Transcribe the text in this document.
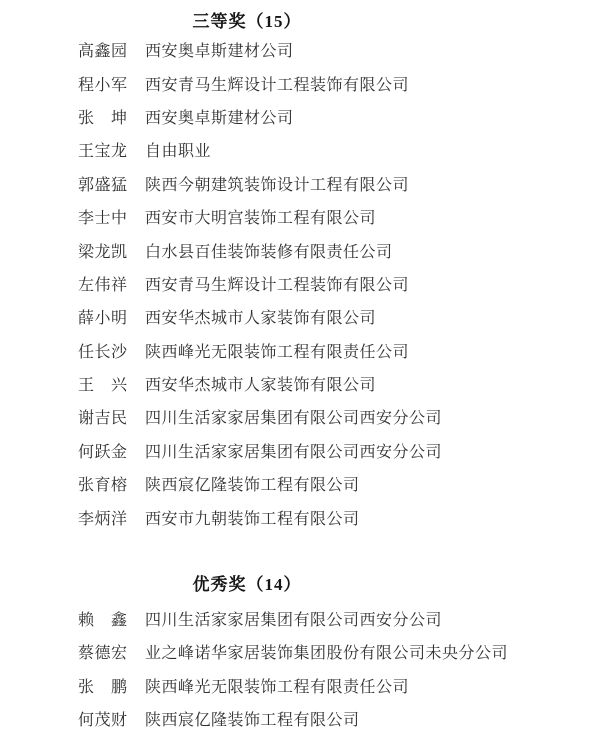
三等奖（15）
高鑫园 西安奥卓斯建材公司
程小军 西安青马生辉设计工程装饰有限公司
张　坤 西安奥卓斯建材公司
王宝龙 自由职业
郭盛猛 陕西今朝建筑装饰设计工程有限公司
李士中 西安市大明宫装饰工程有限公司
梁龙凯 白水县百佳装饰装修有限责任公司
左伟祥 西安青马生辉设计工程装饰有限公司
薛小明 西安华杰城市人家装饰有限公司
任长沙 陕西峰光无限装饰工程有限责任公司
王　兴 西安华杰城市人家装饰有限公司
谢吉民 四川生活家家居集团有限公司西安分公司
何跃金 四川生活家家居集团有限公司西安分公司
张育榕 陕西宸亿隆装饰工程有限公司
李炳洋 西安市九朝装饰工程有限公司
优秀奖（14）
赖　鑫 四川生活家家居集团有限公司西安分公司
蔡德宏 业之峰诺华家居装饰集团股份有限公司未央分公司
张　鹏 陕西峰光无限装饰工程有限责任公司
何茂财 陕西宸亿隆装饰工程有限公司
